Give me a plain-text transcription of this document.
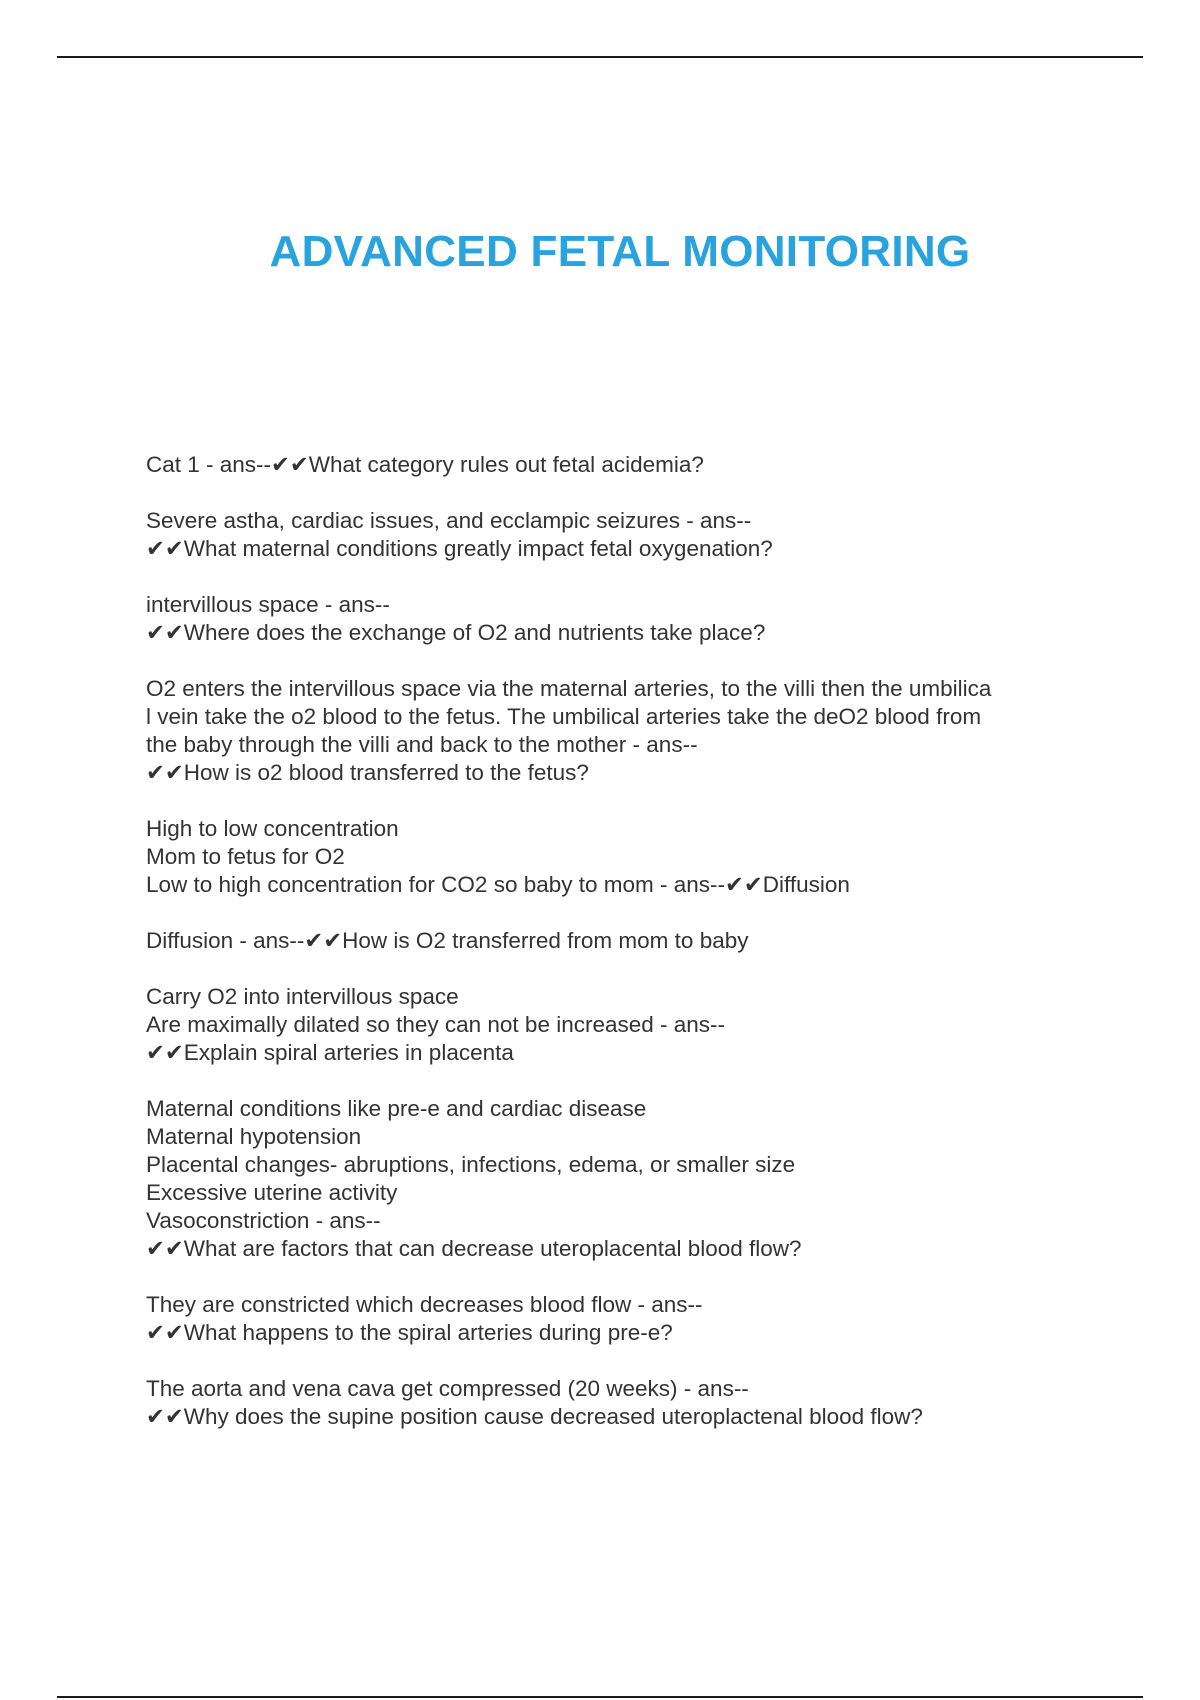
ADVANCED FETAL MONITORING
Cat 1 - ans--✔✔What category rules out fetal acidemia?
Severe astha, cardiac issues, and ecclampic seizures - ans--
✔✔What maternal conditions greatly impact fetal oxygenation?
intervillous space - ans--
✔✔Where does the exchange of O2 and nutrients take place?
O2 enters the intervillous space via the maternal arteries, to the villi then the umbilica
l vein take the o2 blood to the fetus. The umbilical arteries take the deO2 blood from
the baby through the villi and back to the mother - ans--
✔✔How is o2 blood transferred to the fetus?
High to low concentration
Mom to fetus for O2
Low to high concentration for CO2 so baby to mom - ans--✔✔Diffusion
Diffusion - ans--✔✔How is O2 transferred from mom to baby
Carry O2 into intervillous space
Are maximally dilated so they can not be increased - ans--
✔✔Explain spiral arteries in placenta
Maternal conditions like pre-e and cardiac disease
Maternal hypotension
Placental changes- abruptions, infections, edema, or smaller size
Excessive uterine activity
Vasoconstriction - ans--
✔✔What are factors that can decrease uteroplacental blood flow?
They are constricted which decreases blood flow - ans--
✔✔What happens to the spiral arteries during pre-e?
The aorta and vena cava get compressed (20 weeks) - ans--
✔✔Why does the supine position cause decreased uteroplactenal blood flow?
